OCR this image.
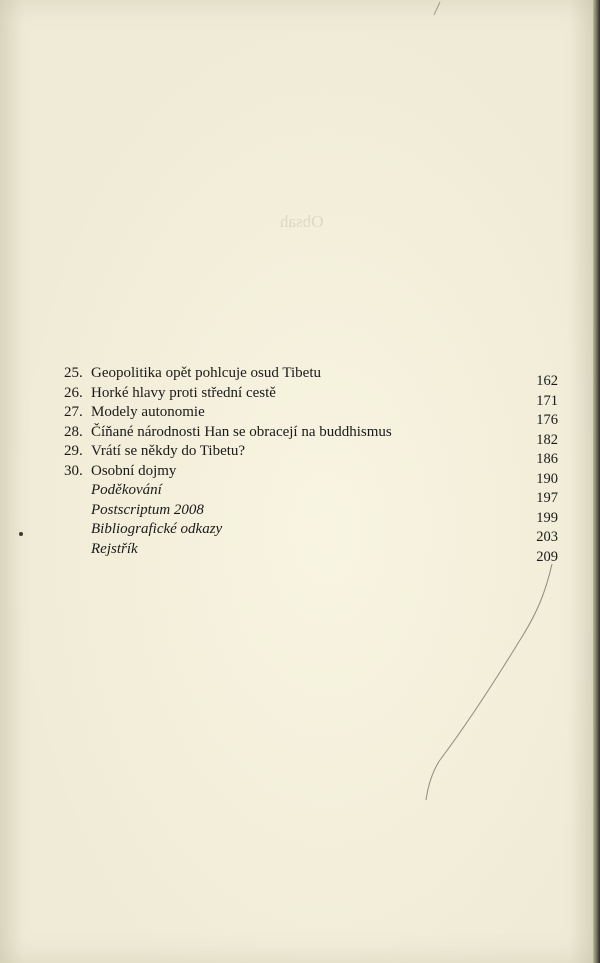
Obsah
25. Geopolitika opět pohlcuje osud Tibetu	162
26. Horké hlavy proti střední cestě	171
27. Modely autonomie	176
28. Číňané národnosti Han se obracejí na buddhismus	182
29. Vrátí se někdy do Tibetu?	186
30. Osobní dojmy	190
Poděkování	197
Postscriptum 2008	199
Bibliografické odkazy	203
Rejstřík	209
